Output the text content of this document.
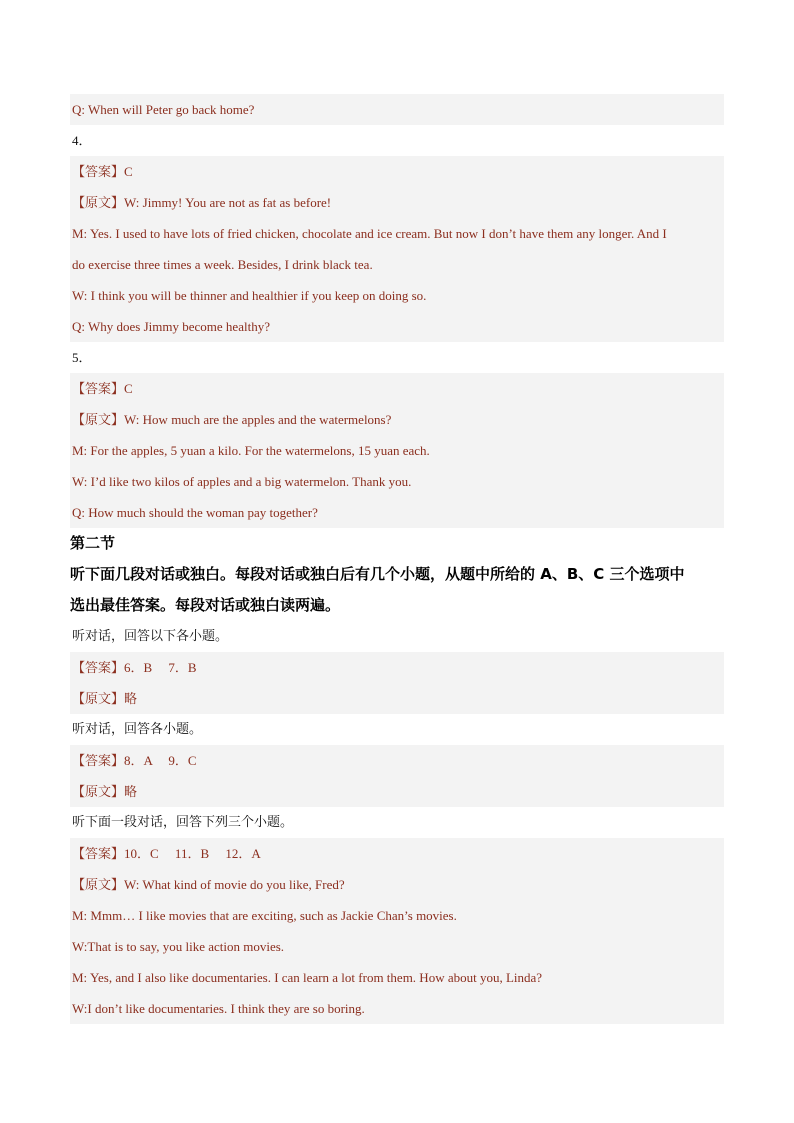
Q: When will Peter go back home?
4．
【答案】C
【原文】W: Jimmy! You are not as fat as before!
M: Yes. I used to have lots of fried chicken, chocolate and ice cream. But now I don’t have them any longer. And I
do exercise three times a week. Besides, I drink black tea.
W: I think you will be thinner and healthier if you keep on doing so.
Q: Why does Jimmy become healthy?
5．
【答案】C
【原文】W: How much are the apples and the watermelons?
M: For the apples, 5 yuan a kilo. For the watermelons, 15 yuan each.
W: I’d like two kilos of apples and a big watermelon. Thank you.
Q: How much should the woman pay together?
第二节
听下面几段对话或独白。每段对话或独白后有几个小题，从题中所给的 A、B、C 三个选项中
选出最佳答案。每段对话或独白读两遍。
听对话，回答以下各小题。
【答案】6．B　 7．B
【原文】略
听对话，回答各小题。
【答案】8．A　 9．C
【原文】略
听下面一段对话，回答下列三个小题。
【答案】10．C　 11．B　 12．A
【原文】W: What kind of movie do you like, Fred?
M: Mmm… I like movies that are exciting, such as Jackie Chan’s movies.
W:That is to say, you like action movies.
M: Yes, and I also like documentaries. I can learn a lot from them. How about you, Linda?
W:I don’t like documentaries. I think they are so boring.
